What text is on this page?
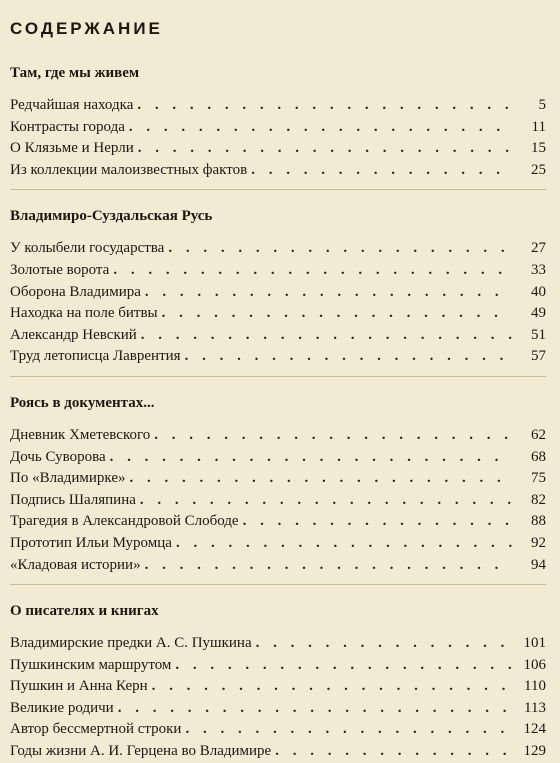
СОДЕРЖАНИЕ
Там, где мы живем
Редчайшая находка . . .	5
Контрасты города . . .	11
О Клязьме и Нерли . . .	15
Из коллекции малоизвестных фактов . . .	25
Владимиро-Суздальская Русь
У колыбели государства . . .	27
Золотые ворота . . .	33
Оборона Владимира . . .	40
Находка на поле битвы . . .	49
Александр Невский . . .	51
Труд летописца Лаврентия . . .	57
Роясь в документах...
Дневник Хметевского . . .	62
Дочь Суворова . . .	68
По «Владимирке» . . .	75
Подпись Шаляпина . . .	82
Трагедия в Александровой Слободе . . .	88
Прототип Ильи Муромца . . .	92
«Кладовая истории» . . .	94
О писателях и книгах
Владимирские предки А. С. Пушкина . . .	101
Пушкинским маршрутом . . .	106
Пушкин и Анна Керн . . .	110
Великие родичи . . .	113
Автор бессмертной строки . . .	124
Годы жизни А. И. Герцена во Владимире . . .	129
